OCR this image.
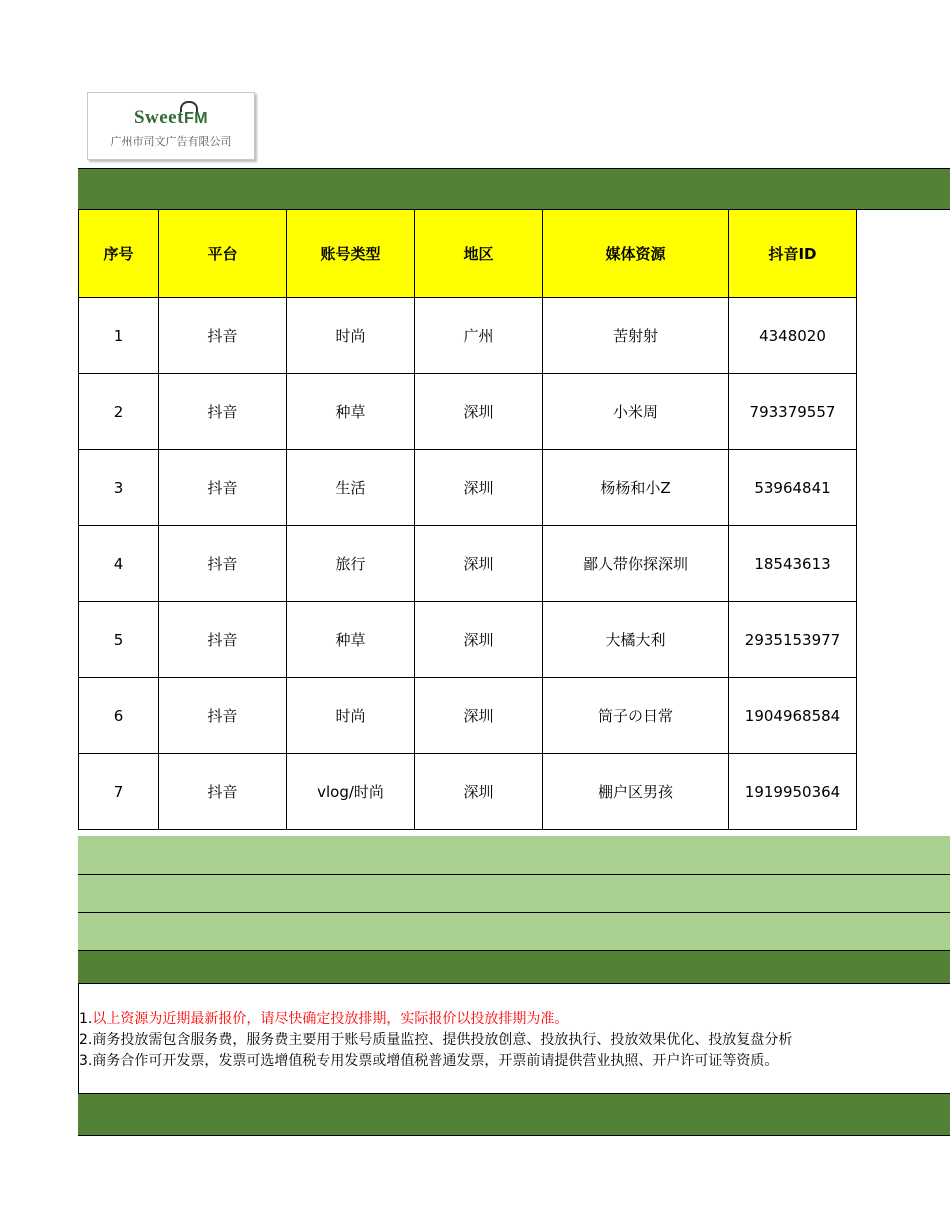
SweetFM
广州市司文广告有限公司
序号	平台	账号类型	地区	媒体资源	抖音ID
1	抖音	时尚	广州	苦射射	4348020
2	抖音	种草	深圳	小米周	793379557
3	抖音	生活	深圳	杨杨和小Z	53964841
4	抖音	旅行	深圳	鄙人带你探深圳	18543613
5	抖音	种草	深圳	大橘大利	2935153977
6	抖音	时尚	深圳	筒子の日常	1904968584
7	抖音	vlog/时尚	深圳	棚户区男孩	1919950364
1.以上资源为近期最新报价，请尽快确定投放排期，实际报价以投放排期为准。
2.商务投放需包含服务费，服务费主要用于账号质量监控、提供投放创意、投放执行、投放效果优化、投放复盘分析
3.商务合作可开发票，发票可选增值税专用发票或增值税普通发票，开票前请提供营业执照、开户许可证等资质。
